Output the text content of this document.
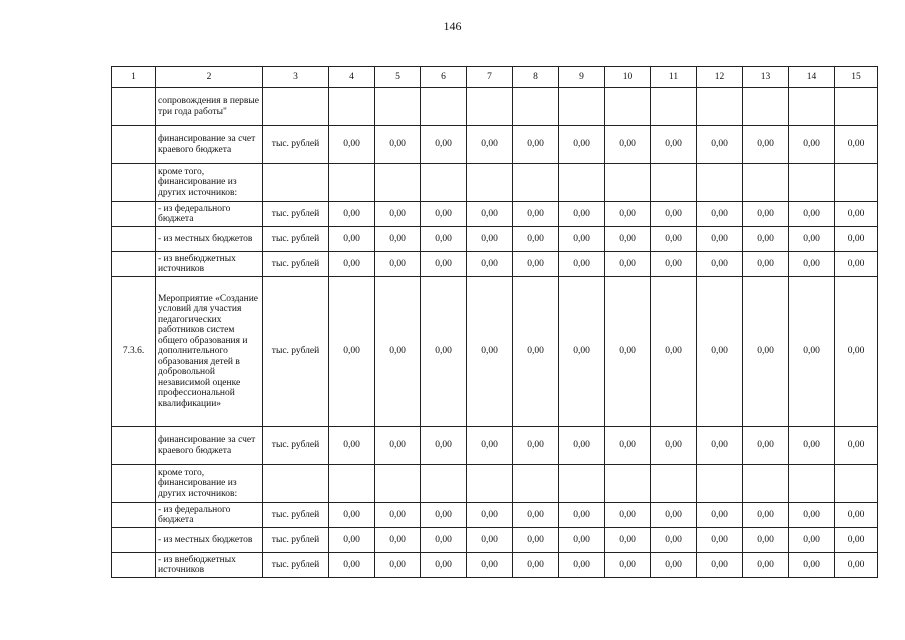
146
1	2	3	4	5	6	7	8	9	10	11	12	13	14	15
	сопровождения в первые три года работы"													
	финансирование за счет краевого бюджета	тыс. рублей	0,00	0,00	0,00	0,00	0,00	0,00	0,00	0,00	0,00	0,00	0,00	0,00
	кроме того, финансирование из других источников:													
	- из федерального бюджета	тыс. рублей	0,00	0,00	0,00	0,00	0,00	0,00	0,00	0,00	0,00	0,00	0,00	0,00
	- из местных бюджетов	тыс. рублей	0,00	0,00	0,00	0,00	0,00	0,00	0,00	0,00	0,00	0,00	0,00	0,00
	- из внебюджетных источников	тыс. рублей	0,00	0,00	0,00	0,00	0,00	0,00	0,00	0,00	0,00	0,00	0,00	0,00
7.3.6.	Мероприятие «Создание условий для участия педагогических работников систем общего образования и дополнительного образования детей в добровольной независимой оценке профессиональной квалификации»	тыс. рублей	0,00	0,00	0,00	0,00	0,00	0,00	0,00	0,00	0,00	0,00	0,00	0,00
	финансирование за счет краевого бюджета	тыс. рублей	0,00	0,00	0,00	0,00	0,00	0,00	0,00	0,00	0,00	0,00	0,00	0,00
	кроме того, финансирование из других источников:													
	- из федерального бюджета	тыс. рублей	0,00	0,00	0,00	0,00	0,00	0,00	0,00	0,00	0,00	0,00	0,00	0,00
	- из местных бюджетов	тыс. рублей	0,00	0,00	0,00	0,00	0,00	0,00	0,00	0,00	0,00	0,00	0,00	0,00
	- из внебюджетных источников	тыс. рублей	0,00	0,00	0,00	0,00	0,00	0,00	0,00	0,00	0,00	0,00	0,00	0,00
